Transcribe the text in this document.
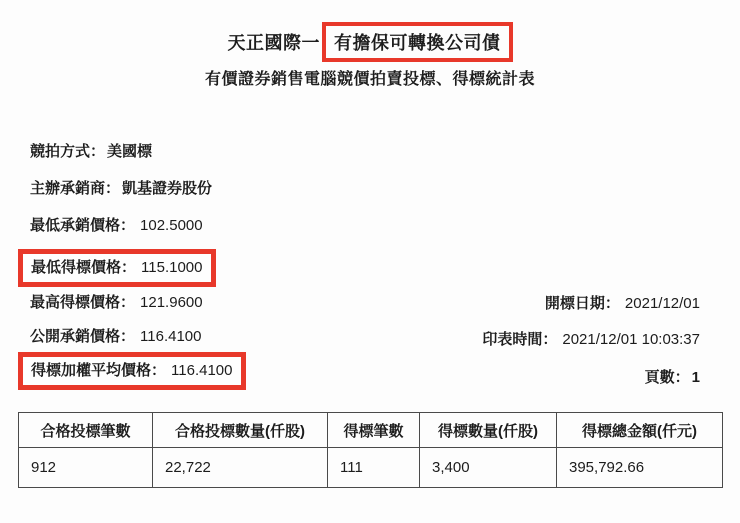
天正國際一 有擔保可轉換公司債
有價證券銷售電腦競價拍賣投標、得標統計表
競拍方式： 美國標
主辦承銷商： 凱基證券股份
最低承銷價格： 102.5000
最低得標價格： 115.1000
最高得標價格： 121.9600
公開承銷價格： 116.4100
得標加權平均價格： 116.4100
開標日期： 2021/12/01
印表時間： 2021/12/01 10:03:37
頁數： 1
合格投標筆數	合格投標數量(仟股)	得標筆數	得標數量(仟股)	得標總金額(仟元)
912	22,722	111	3,400	395,792.66
